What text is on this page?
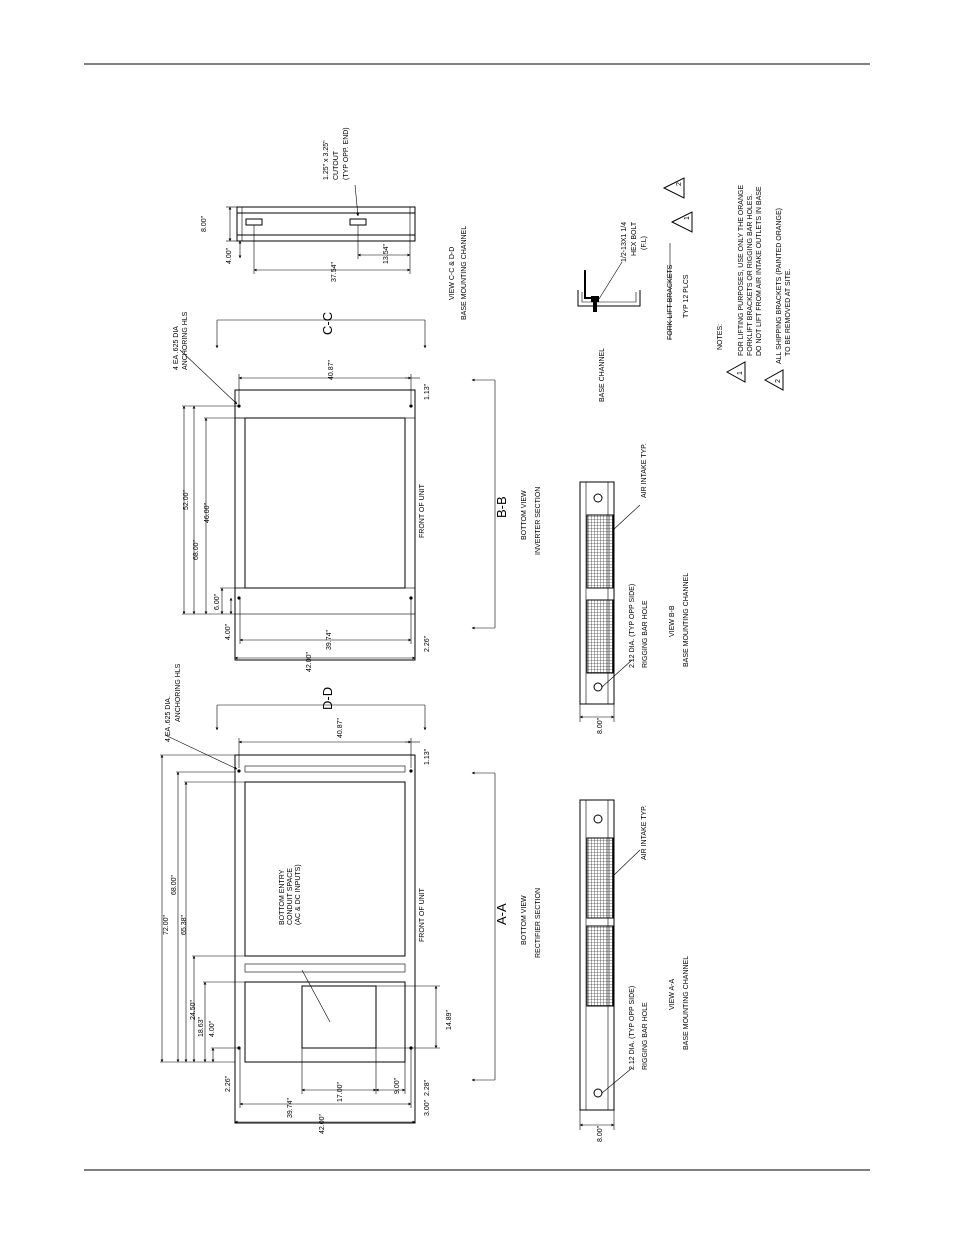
A-A
D-D
BOTTOM VIEW RECTIFIER SECTION
FRONT OF UNIT
4 EA .625 DIA. ANCHORING HLS
BOTTOM ENTRY CONDUIT SPACE (AC & DC INPUTS)
72.00"
68.00"
65.38"
24.50"
18.63" 4.00"
2.26"
39.74"
42.00"
17.00"	9.00"	2.28"
3.00"
14.89"
40.87"
1.13"
B-B
C-C
BOTTOM VIEW INVERTER SECTION
FRONT OF UNIT
4 EA .625 DIA ANCHORING HLS	40.87"
1.13"
52.00"
68.00"
46.00"
6.00"
4.00"	39.74"
42.00"
2.26"
VIEW C-C & D-D BASE MOUNTING CHANNEL
1.25" x 3.25" CUTOUT (TYP OPP. END)
8.00"
4.00"
37.54"
13.54"
2.12 DIA. (TYP OPP SIDE) RIGGING BAR HOLE
AIR INTAKE TYP.
VIEW A-A BASE MOUNTING CHANNEL
8.00"
2.12 DIA. (TYP OPP SIDE) RIGGING BAR HOLE
AIR INTAKE TYP.
VIEW B-B BASE MOUNTING CHANNEL
8.00"
BASE CHANNEL
1/2-13X1 1/4 HEX BOLT (F.L)
FORK LIFT BRACKETS TYP 12 PLCS
1
2
NOTES:
1
FOR LIFTING PURPOSES, USE ONLY THE ORANGE FORKLIFT BRACKETS OR RIGGING BAR HOLES. DO NOT LIFT FROM AIR INTAKE OUTLETS IN BASE
2
ALL SHIPPING BRACKETS (PAINTED ORANGE) TO BE REMOVED AT SITE.
